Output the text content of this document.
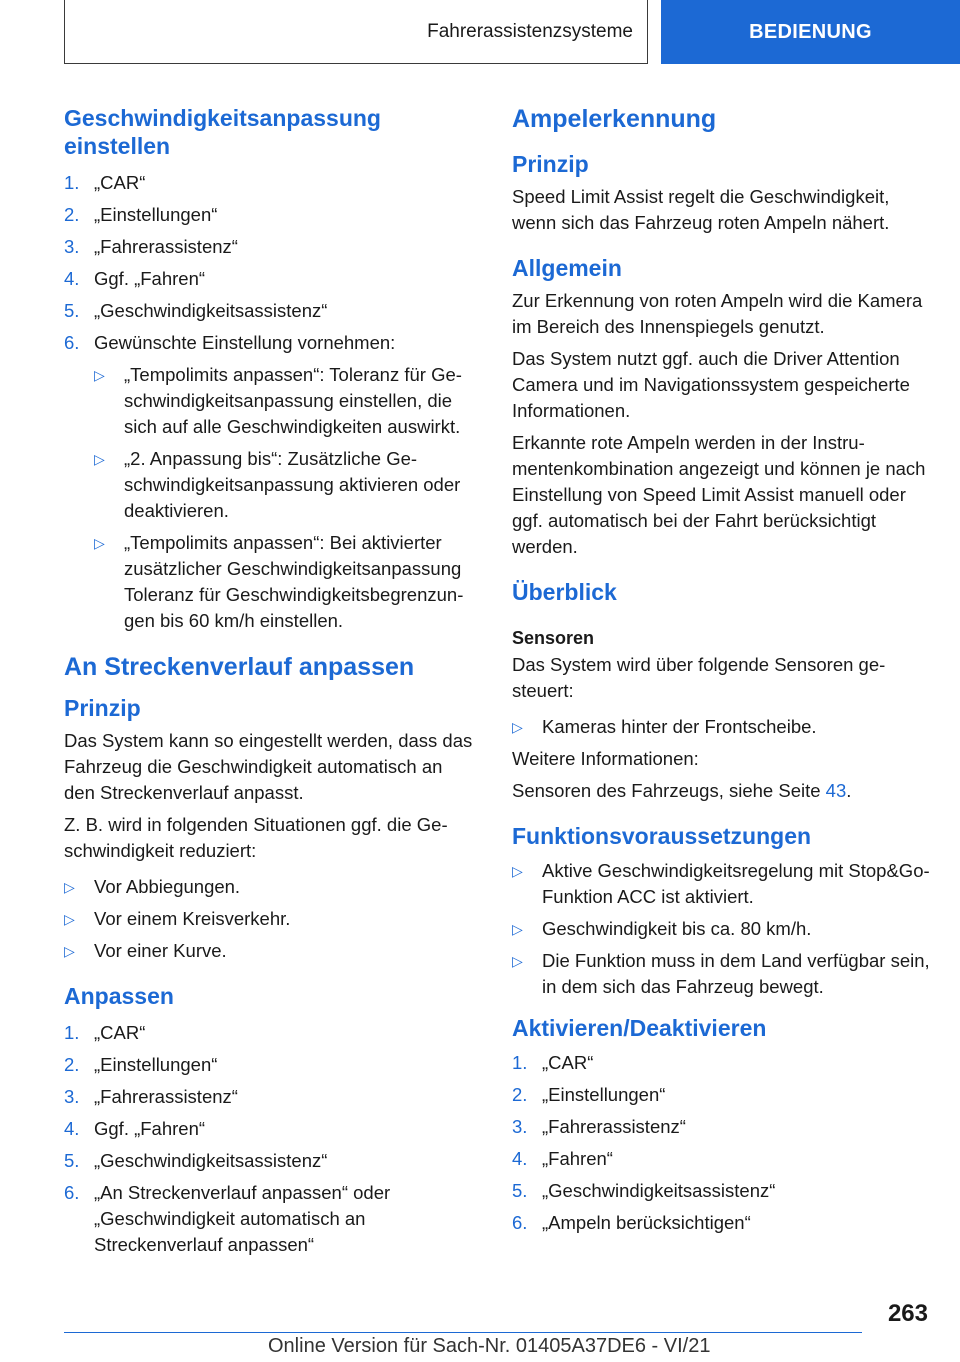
Fahrerassistenzsysteme	BEDIENUNG
Geschwindigkeitsanpassung einstellen
1. „CAR“
2. „Einstellungen“
3. „Fahrerassistenz“
4. Ggf. „Fahren“
5. „Geschwindigkeitsassistenz“
6. Gewünschte Einstellung vornehmen:
▷ „Tempolimits anpassen“: Toleranz für Geschwindigkeitsanpassung einstellen, die sich auf alle Geschwindigkeiten auswirkt.
▷ „2. Anpassung bis“: Zusätzliche Geschwindigkeitsanpassung aktivieren oder deaktivieren.
▷ „Tempolimits anpassen“: Bei aktivierter zusätzlicher Geschwindigkeitsanpassung Toleranz für Geschwindigkeitsbegrenzungen bis 60 km/h einstellen.
An Streckenverlauf anpassen
Prinzip

Das System kann so eingestellt werden, dass das Fahrzeug die Geschwindigkeit automatisch an den Streckenverlauf anpasst.

Z. B. wird in folgenden Situationen ggf. die Geschwindigkeit reduziert:

▷ Vor Abbiegungen.
▷ Vor einem Kreisverkehr.
▷ Vor einer Kurve.
Anpassen
1. „CAR“
2. „Einstellungen“
3. „Fahrerassistenz“
4. Ggf. „Fahren“
5. „Geschwindigkeitsassistenz“
6. „An Streckenverlauf anpassen“ oder „Geschwindigkeit automatisch an Streckenverlauf anpassen“
Ampelerkennung
Prinzip

Speed Limit Assist regelt die Geschwindigkeit, wenn sich das Fahrzeug roten Ampeln nähert.

Allgemein

Zur Erkennung von roten Ampeln wird die Kamera im Bereich des Innenspiegels genutzt.

Das System nutzt ggf. auch die Driver Attention Camera und im Navigationssystem gespeicherte Informationen.

Erkannte rote Ampeln werden in der Instrumentenkombination angezeigt und können je nach Einstellung von Speed Limit Assist manuell oder ggf. automatisch bei der Fahrt berücksichtigt werden.

Überblick
Sensoren

Das System wird über folgende Sensoren gesteuert:

▷ Kameras hinter der Frontscheibe.

Weitere Informationen:

Sensoren des Fahrzeugs, siehe Seite 43.

Funktionsvoraussetzungen
▷ Aktive Geschwindigkeitsregelung mit Stop&Go-Funktion ACC ist aktiviert.
▷ Geschwindigkeit bis ca. 80 km/h.
▷ Die Funktion muss in dem Land verfügbar sein, in dem sich das Fahrzeug bewegt.
Aktivieren/Deaktivieren
1. „CAR“
2. „Einstellungen“
3. „Fahrerassistenz“
4. „Fahren“
5. „Geschwindigkeitsassistenz“
6. „Ampeln berücksichtigen“
263
Online Version für Sach-Nr. 01405A37DE6 - VI/21
